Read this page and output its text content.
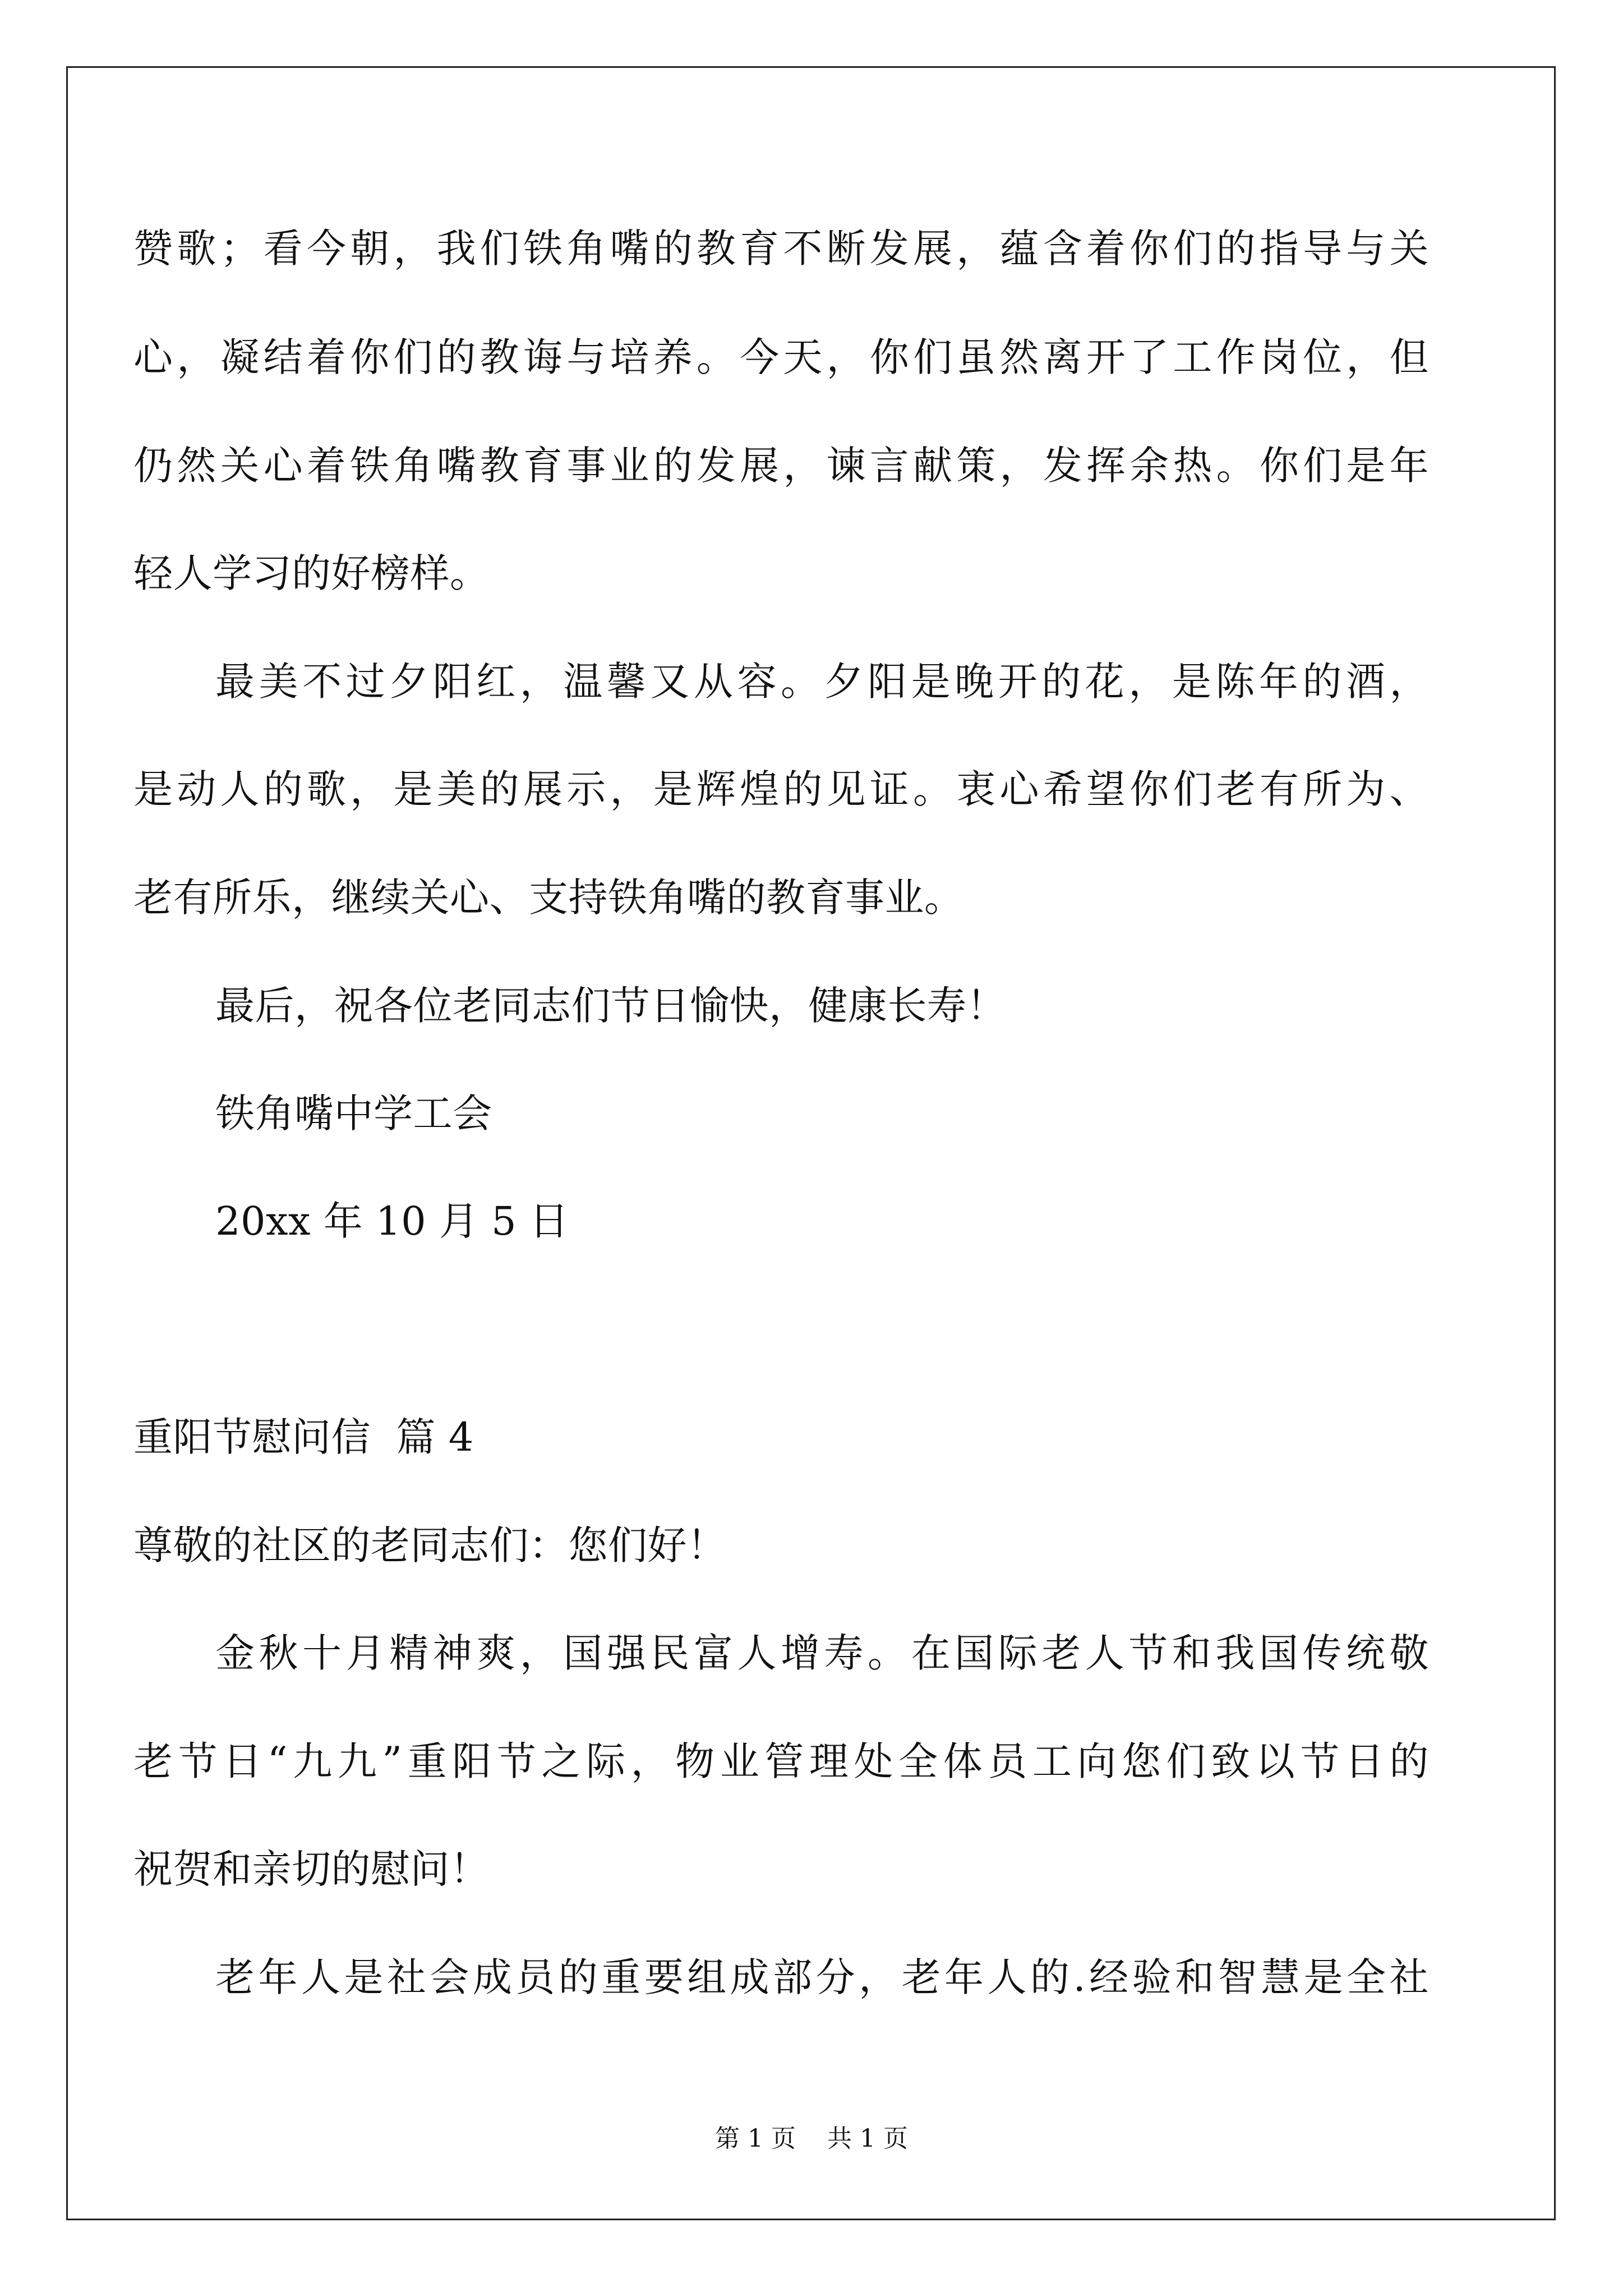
赞歌；看今朝，我们铁角嘴的教育不断发展，蕴含着你们的指导与关
心，凝结着你们的教诲与培养。今天，你们虽然离开了工作岗位，但
仍然关心着铁角嘴教育事业的发展，谏言献策，发挥余热。你们是年
轻人学习的好榜样。
最美不过夕阳红，温馨又从容。夕阳是晚开的花，是陈年的酒，
是动人的歌，是美的展示，是辉煌的见证。衷心希望你们老有所为、
老有所乐，继续关心、支持铁角嘴的教育事业。
最后，祝各位老同志们节日愉快，健康长寿！
铁角嘴中学工会
20xx 年 10 月 5 日
重阳节慰问信  篇 4
尊敬的社区的老同志们：您们好！
金秋十月精神爽，国强民富人增寿。在国际老人节和我国传统敬
老节日“九九”重阳节之际，物业管理处全体员工向您们致以节日的
祝贺和亲切的慰问！
老年人是社会成员的重要组成部分，老年人的.经验和智慧是全社
第 1 页    共 1 页
